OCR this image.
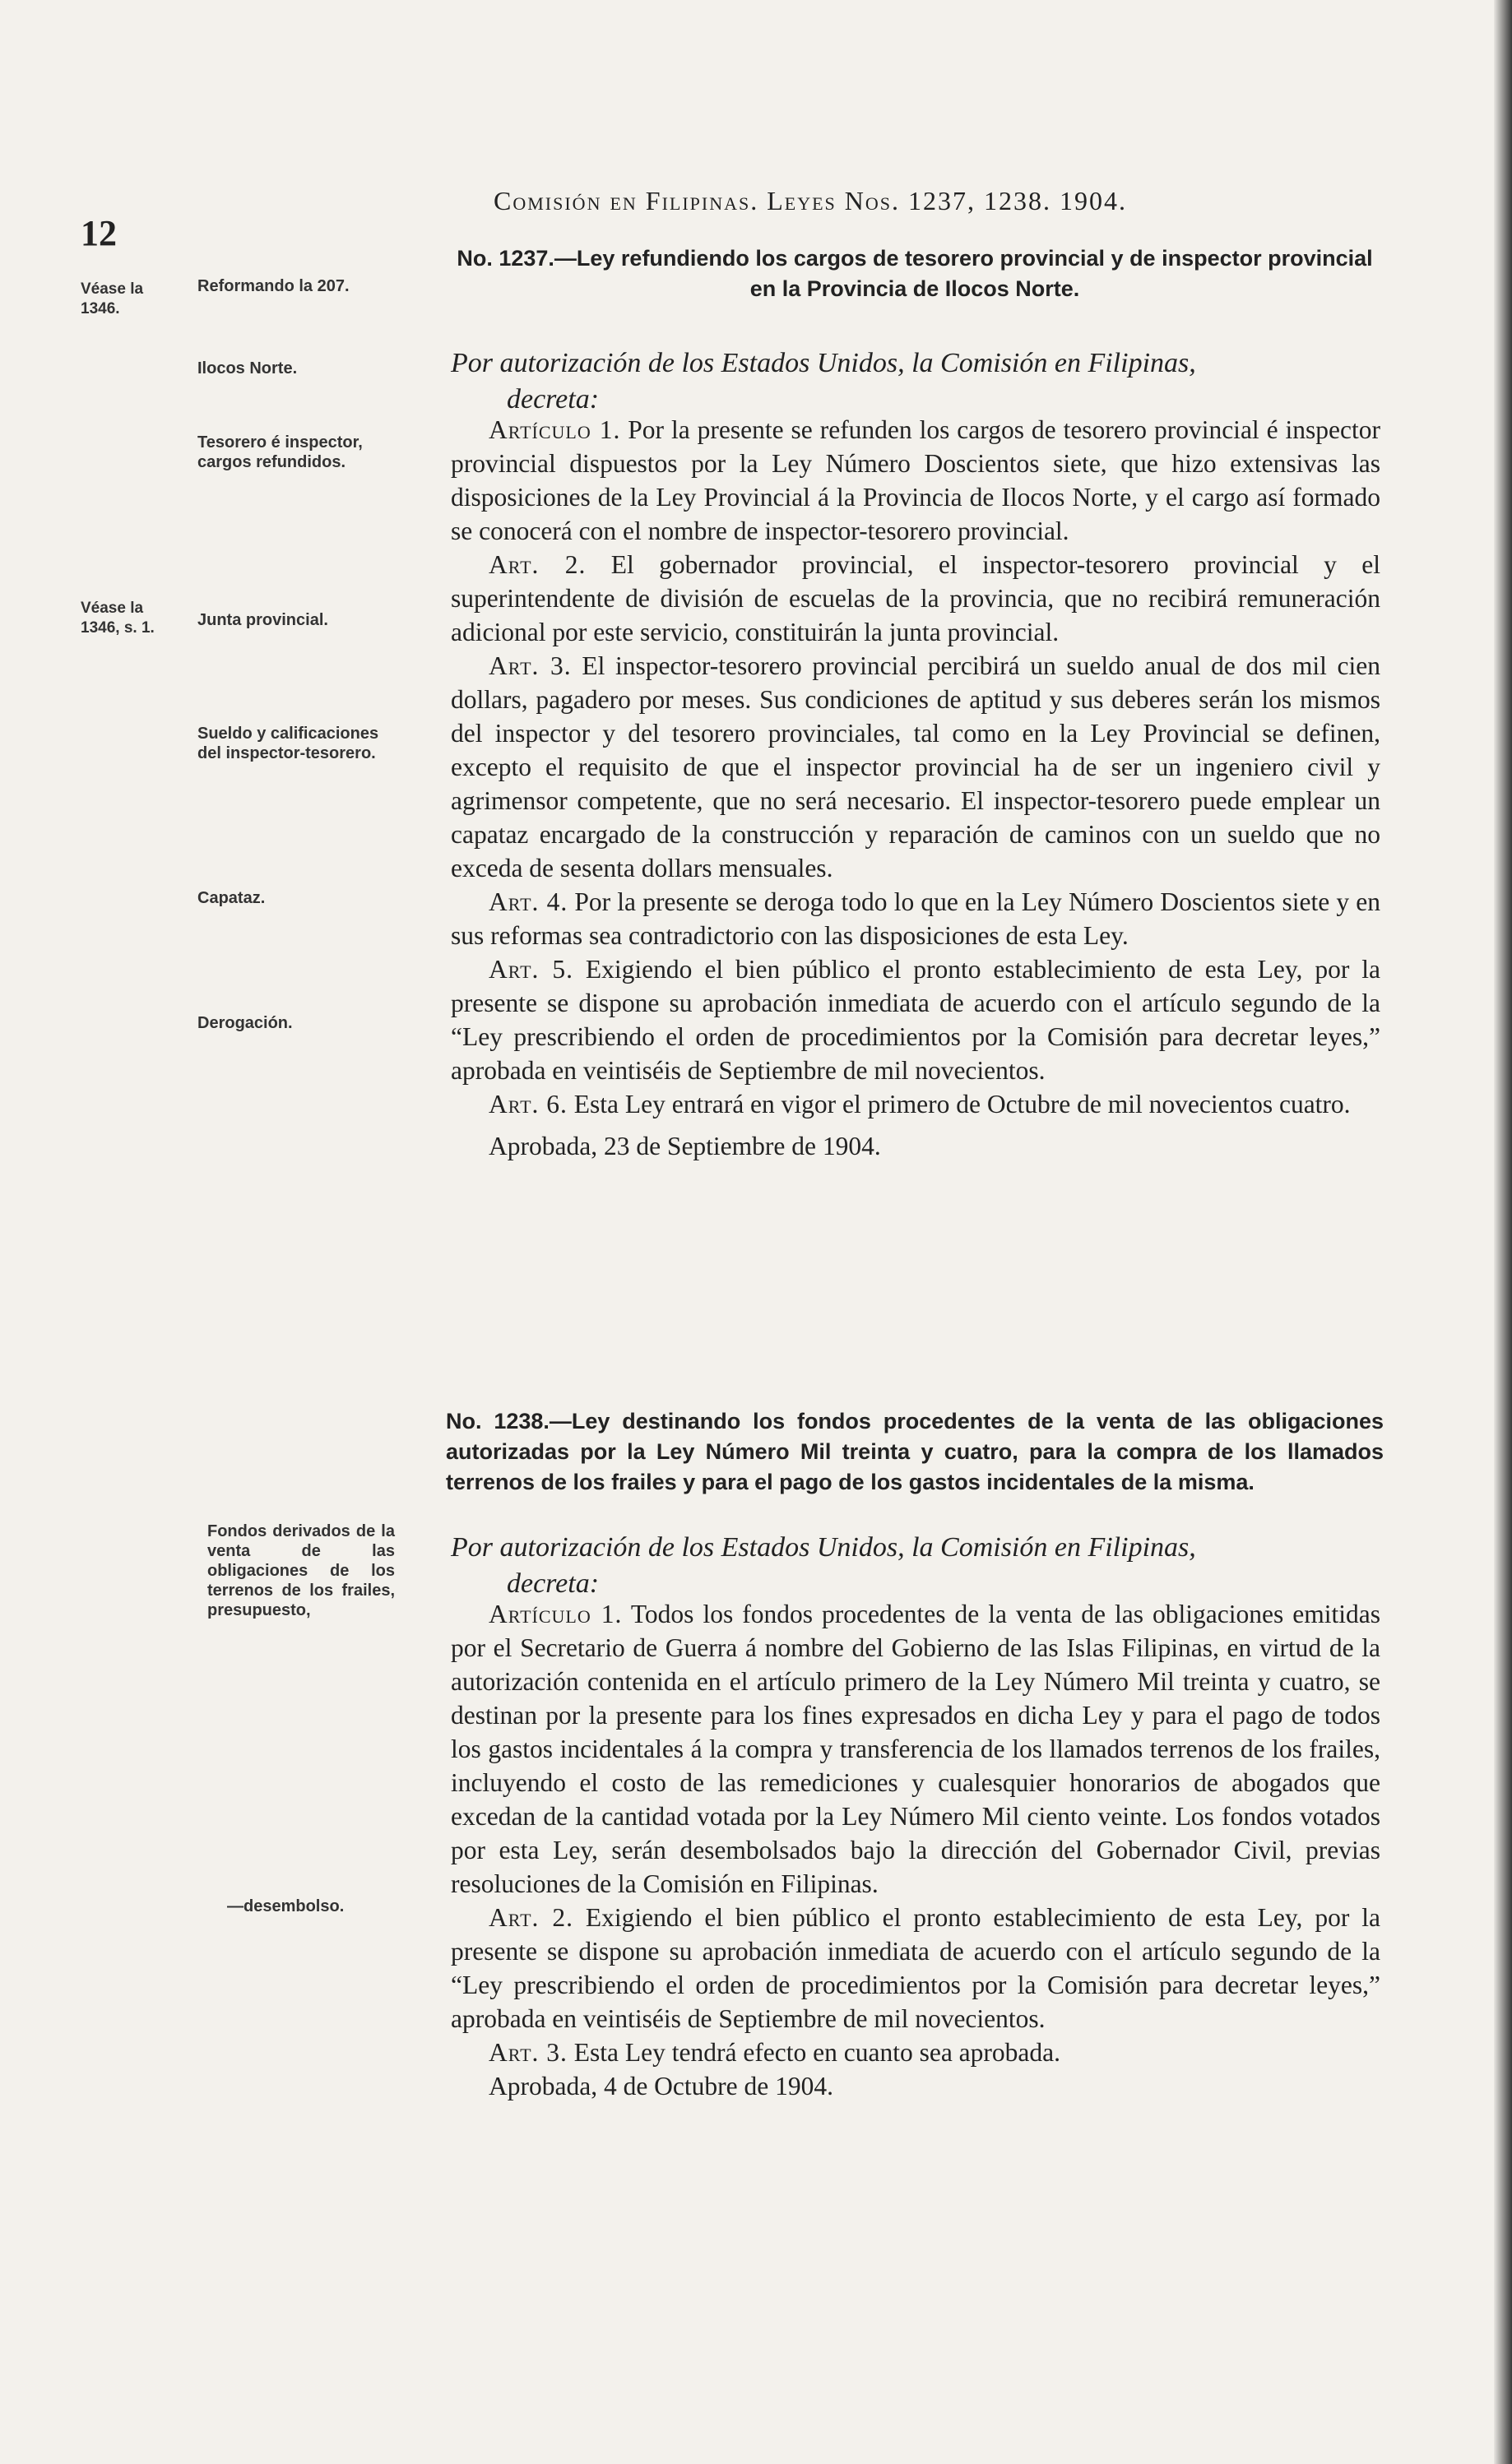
12
Comisión en Filipinas. Leyes Nos. 1237, 1238. 1904.
Véase la 1346.
Reformando la 207.
Ilocos Norte.
Tesorero é inspector, cargos refundidos.
Véase la 1346, s. 1.	Junta provincial.
Sueldo y calificaciones del inspector-tesorero.
Capataz.
Derogación.
Fondos derivados de la venta de las obligaciones de los terrenos de los frailes, presupuesto,
—desembolso.
No. 1237.—Ley refundiendo los cargos de tesorero provincial y de inspector provincial en la Provincia de Ilocos Norte.
Por autorización de los Estados Unidos, la Comisión en Filipinas,
decreta:

Artículo 1. Por la presente se refunden los cargos de tesorero provincial é inspector provincial dispuestos por la Ley Número Doscientos siete, que hizo extensivas las disposiciones de la Ley Provincial á la Provincia de Ilocos Norte, y el cargo así formado se conocerá con el nombre de inspector-tesorero provincial.

Art. 2. El gobernador provincial, el inspector-tesorero provincial y el superintendente de división de escuelas de la provincia, que no recibirá remuneración adicional por este servicio, constituirán la junta provincial.

Art. 3. El inspector-tesorero provincial percibirá un sueldo anual de dos mil cien dollars, pagadero por meses. Sus condiciones de aptitud y sus deberes serán los mismos del inspector y del tesorero provinciales, tal como en la Ley Provincial se definen, excepto el requisito de que el inspector provincial ha de ser un ingeniero civil y agrimensor competente, que no será necesario. El inspector-tesorero puede emplear un capataz encargado de la construcción y reparación de caminos con un sueldo que no exceda de sesenta dollars mensuales.

Art. 4. Por la presente se deroga todo lo que en la Ley Número Doscientos siete y en sus reformas sea contradictorio con las disposiciones de esta Ley.

Art. 5. Exigiendo el bien público el pronto establecimiento de esta Ley, por la presente se dispone su aprobación inmediata de acuerdo con el artículo segundo de la “Ley prescribiendo el orden de procedimientos por la Comisión para decretar leyes,” aprobada en veintiséis de Septiembre de mil novecientos.

Art. 6. Esta Ley entrará en vigor el primero de Octubre de mil novecientos cuatro.

Aprobada, 23 de Septiembre de 1904.

No. 1238.—Ley destinando los fondos procedentes de la venta de las obligaciones autorizadas por la Ley Número Mil treinta y cuatro, para la compra de los llamados terrenos de los frailes y para el pago de los gastos incidentales de la misma.
Por autorización de los Estados Unidos, la Comisión en Filipinas,
decreta:

Artículo 1. Todos los fondos procedentes de la venta de las obligaciones emitidas por el Secretario de Guerra á nombre del Gobierno de las Islas Filipinas, en virtud de la autorización contenida en el artículo primero de la Ley Número Mil treinta y cuatro, se destinan por la presente para los fines expresados en dicha Ley y para el pago de todos los gastos incidentales á la compra y transferencia de los llamados terrenos de los frailes, incluyendo el costo de las remediciones y cualesquier honorarios de abogados que excedan de la cantidad votada por la Ley Número Mil ciento veinte. Los fondos votados por esta Ley, serán desembolsados bajo la dirección del Gobernador Civil, previas resoluciones de la Comisión en Filipinas.

Art. 2. Exigiendo el bien público el pronto establecimiento de esta Ley, por la presente se dispone su aprobación inmediata de acuerdo con el artículo segundo de la “Ley prescribiendo el orden de procedimientos por la Comisión para decretar leyes,” aprobada en veintiséis de Septiembre de mil novecientos.

Art. 3. Esta Ley tendrá efecto en cuanto sea aprobada.

Aprobada, 4 de Octubre de 1904.
